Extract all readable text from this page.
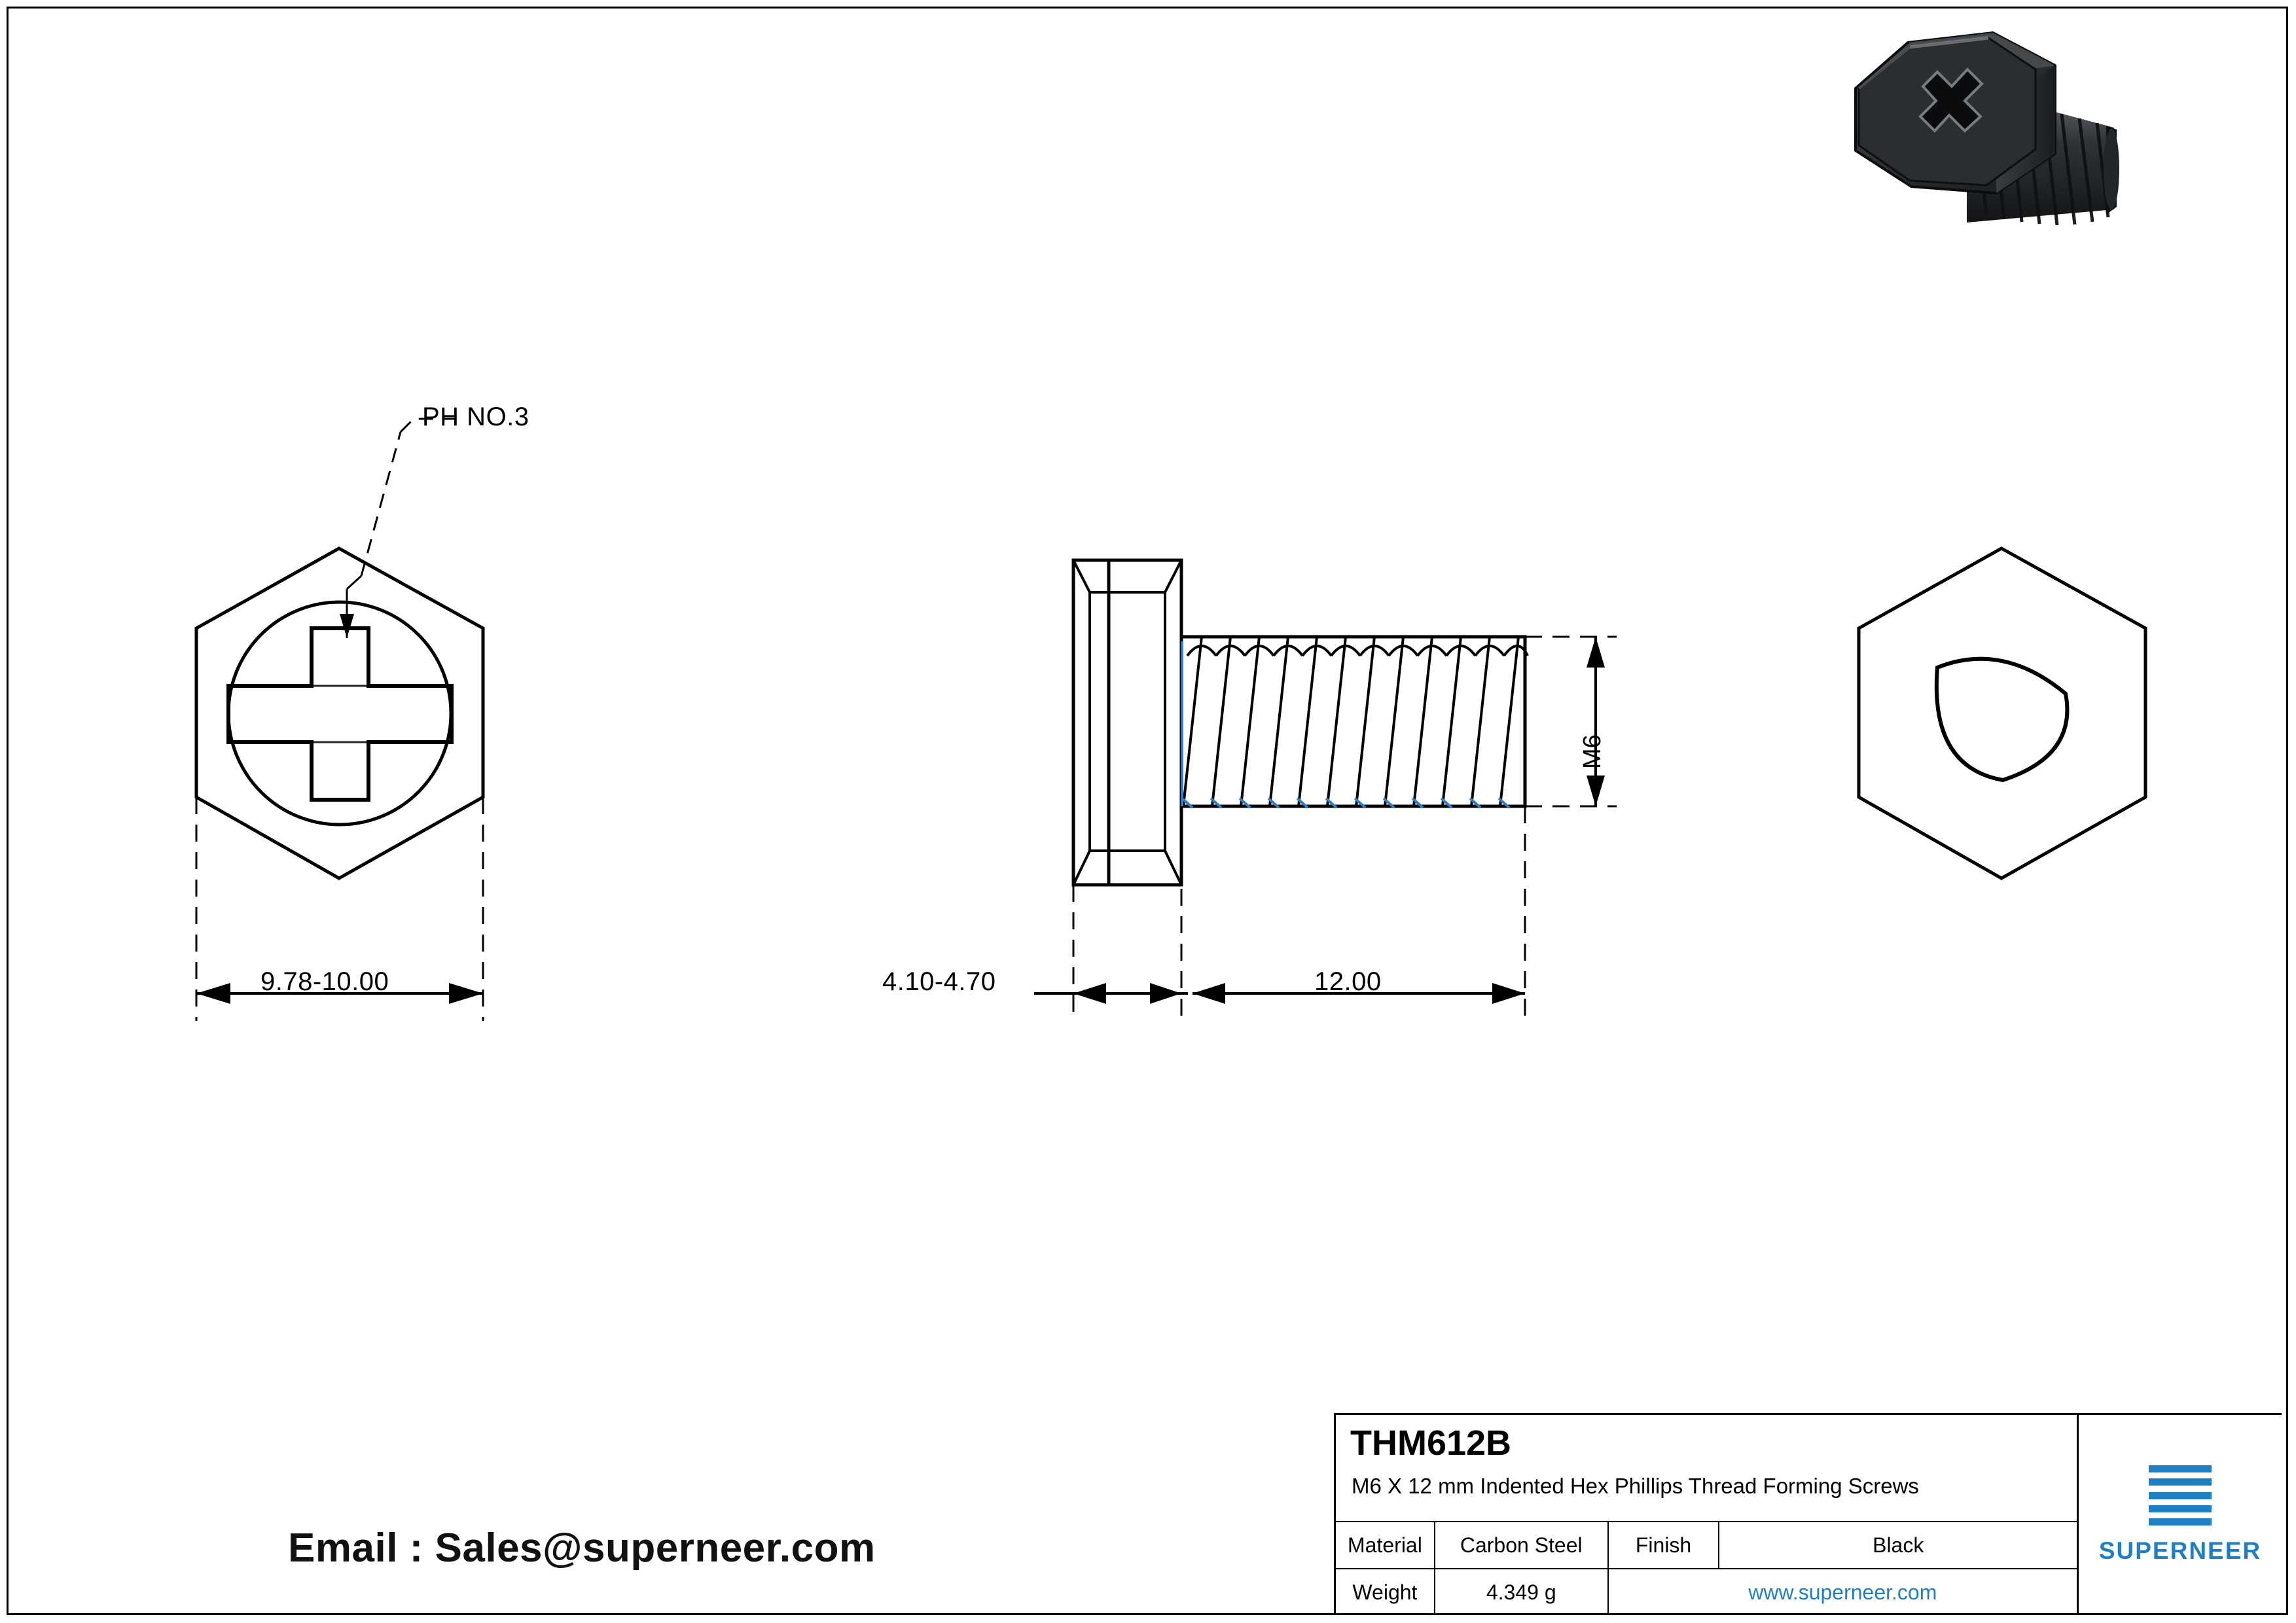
PH NO.3
9.78-10.00	4.10-4.70	12.00
M6
Email : Sales@superneer.com
THM612B
M6 X 12 mm Indented Hex Phillips Thread Forming Screws
Material	Carbon Steel	Finish	Black
Weight	4.349 g	www.superneer.com
SUPERNEER
